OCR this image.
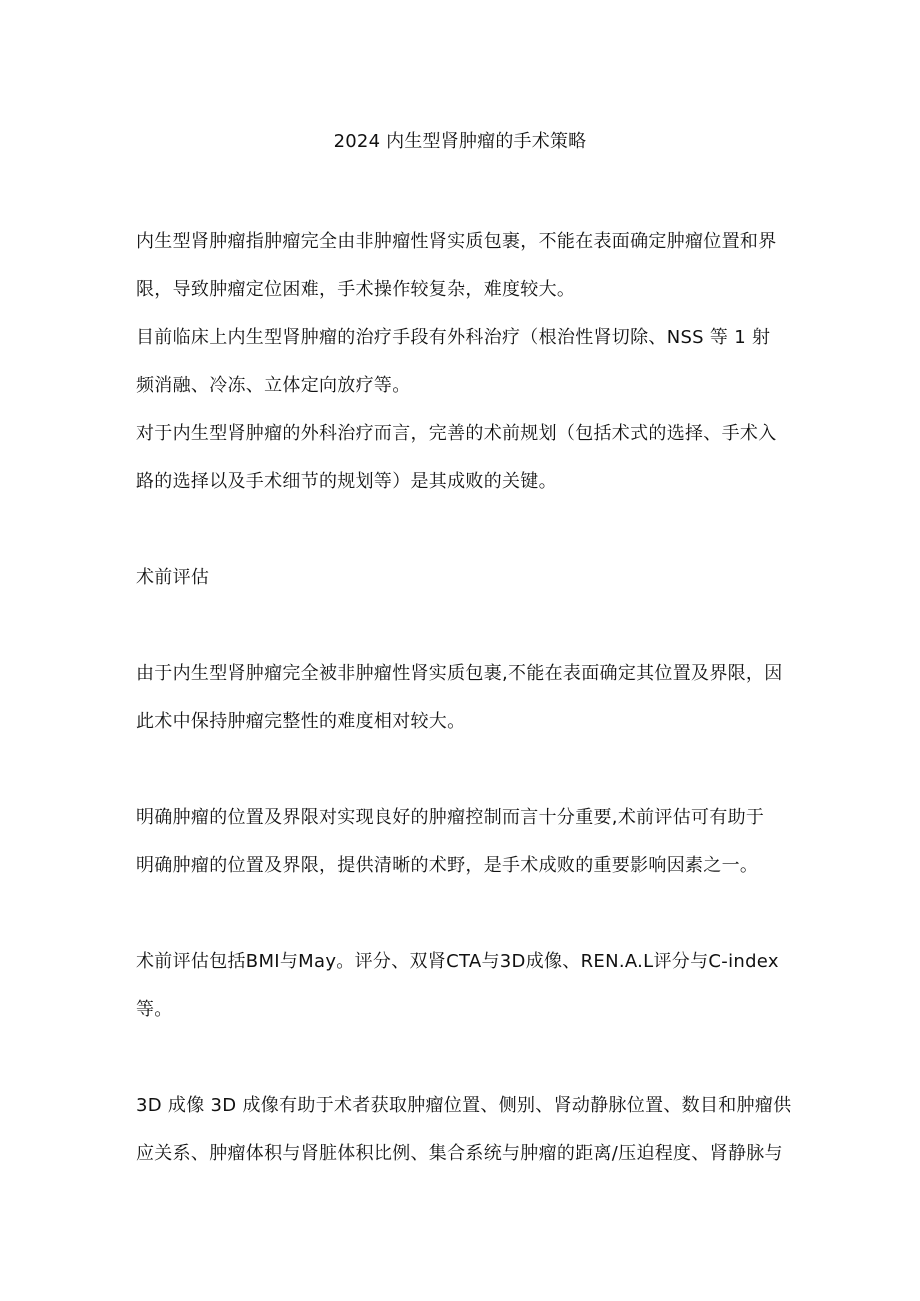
2024 内生型肾肿瘤的手术策略
内生型肾肿瘤指肿瘤完全由非肿瘤性肾实质包裹，不能在表面确定肿瘤位置和界
限，导致肿瘤定位困难，手术操作较复杂，难度较大。
目前临床上内生型肾肿瘤的治疗手段有外科治疗（根治性肾切除、NSS 等 1 射
频消融、冷冻、立体定向放疗等。
对于内生型肾肿瘤的外科治疗而言，完善的术前规划（包括术式的选择、手术入
路的选择以及手术细节的规划等）是其成败的关键。
术前评估
由于内生型肾肿瘤完全被非肿瘤性肾实质包裹,不能在表面确定其位置及界限，因
此术中保持肿瘤完整性的难度相对较大。
明确肿瘤的位置及界限对实现良好的肿瘤控制而言十分重要,术前评估可有助于
明确肿瘤的位置及界限，提供清晰的术野，是手术成败的重要影响因素之一。
术前评估包括BMI与May。评分、双肾CTA与3D成像、REN.A.L评分与C-index
等。
3D 成像 3D 成像有助于术者获取肿瘤位置、侧别、肾动静脉位置、数目和肿瘤供
应关系、肿瘤体积与肾脏体积比例、集合系统与肿瘤的距离/压迫程度、肾静脉与
